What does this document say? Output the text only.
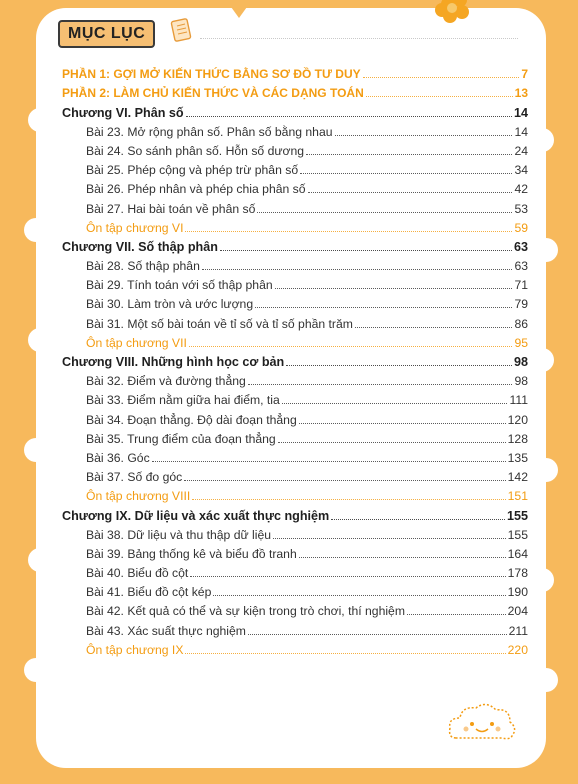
MỤC LỤC
PHẦN 1: GỢI MỞ KIẾN THỨC BẰNG SƠ ĐỒ TƯ DUY	7
PHẦN 2: LÀM CHỦ KIẾN THỨC VÀ CÁC DẠNG TOÁN	13
Chương VI. Phân số	14
Bài 23. Mở rộng phân số. Phân số bằng nhau	14
Bài 24. So sánh phân số. Hỗn số dương	24
Bài 25. Phép cộng và phép trừ phân số	34
Bài 26. Phép nhân và phép chia phân số	42
Bài 27. Hai bài toán về phân số	53
Ôn tập chương VI	59
Chương VII. Số thập phân	63
Bài 28. Số thập phân	63
Bài 29. Tính toán với số thập phân	71
Bài 30. Làm tròn và ước lượng	79
Bài 31. Một số bài toán về tỉ số và tỉ số phần trăm	86
Ôn tập chương VII	95
Chương VIII. Những hình học cơ bản	98
Bài 32. Điểm và đường thẳng	98
Bài 33. Điểm nằm giữa hai điểm, tia	111
Bài 34. Đoạn thẳng. Độ dài đoạn thẳng	120
Bài 35. Trung điểm của đoạn thẳng	128
Bài 36. Góc	135
Bài 37. Số đo góc	142
Ôn tập chương VIII	151
Chương IX. Dữ liệu và xác xuất thực nghiệm	155
Bài 38. Dữ liệu và thu thập dữ liệu	155
Bài 39. Bảng thống kê và biểu đồ tranh	164
Bài 40. Biểu đồ cột	178
Bài 41. Biểu đồ cột kép	190
Bài 42. Kết quả có thể và sự kiện trong trò chơi, thí nghiệm	204
Bài 43. Xác suất thực nghiệm	211
Ôn tập chương IX	220
